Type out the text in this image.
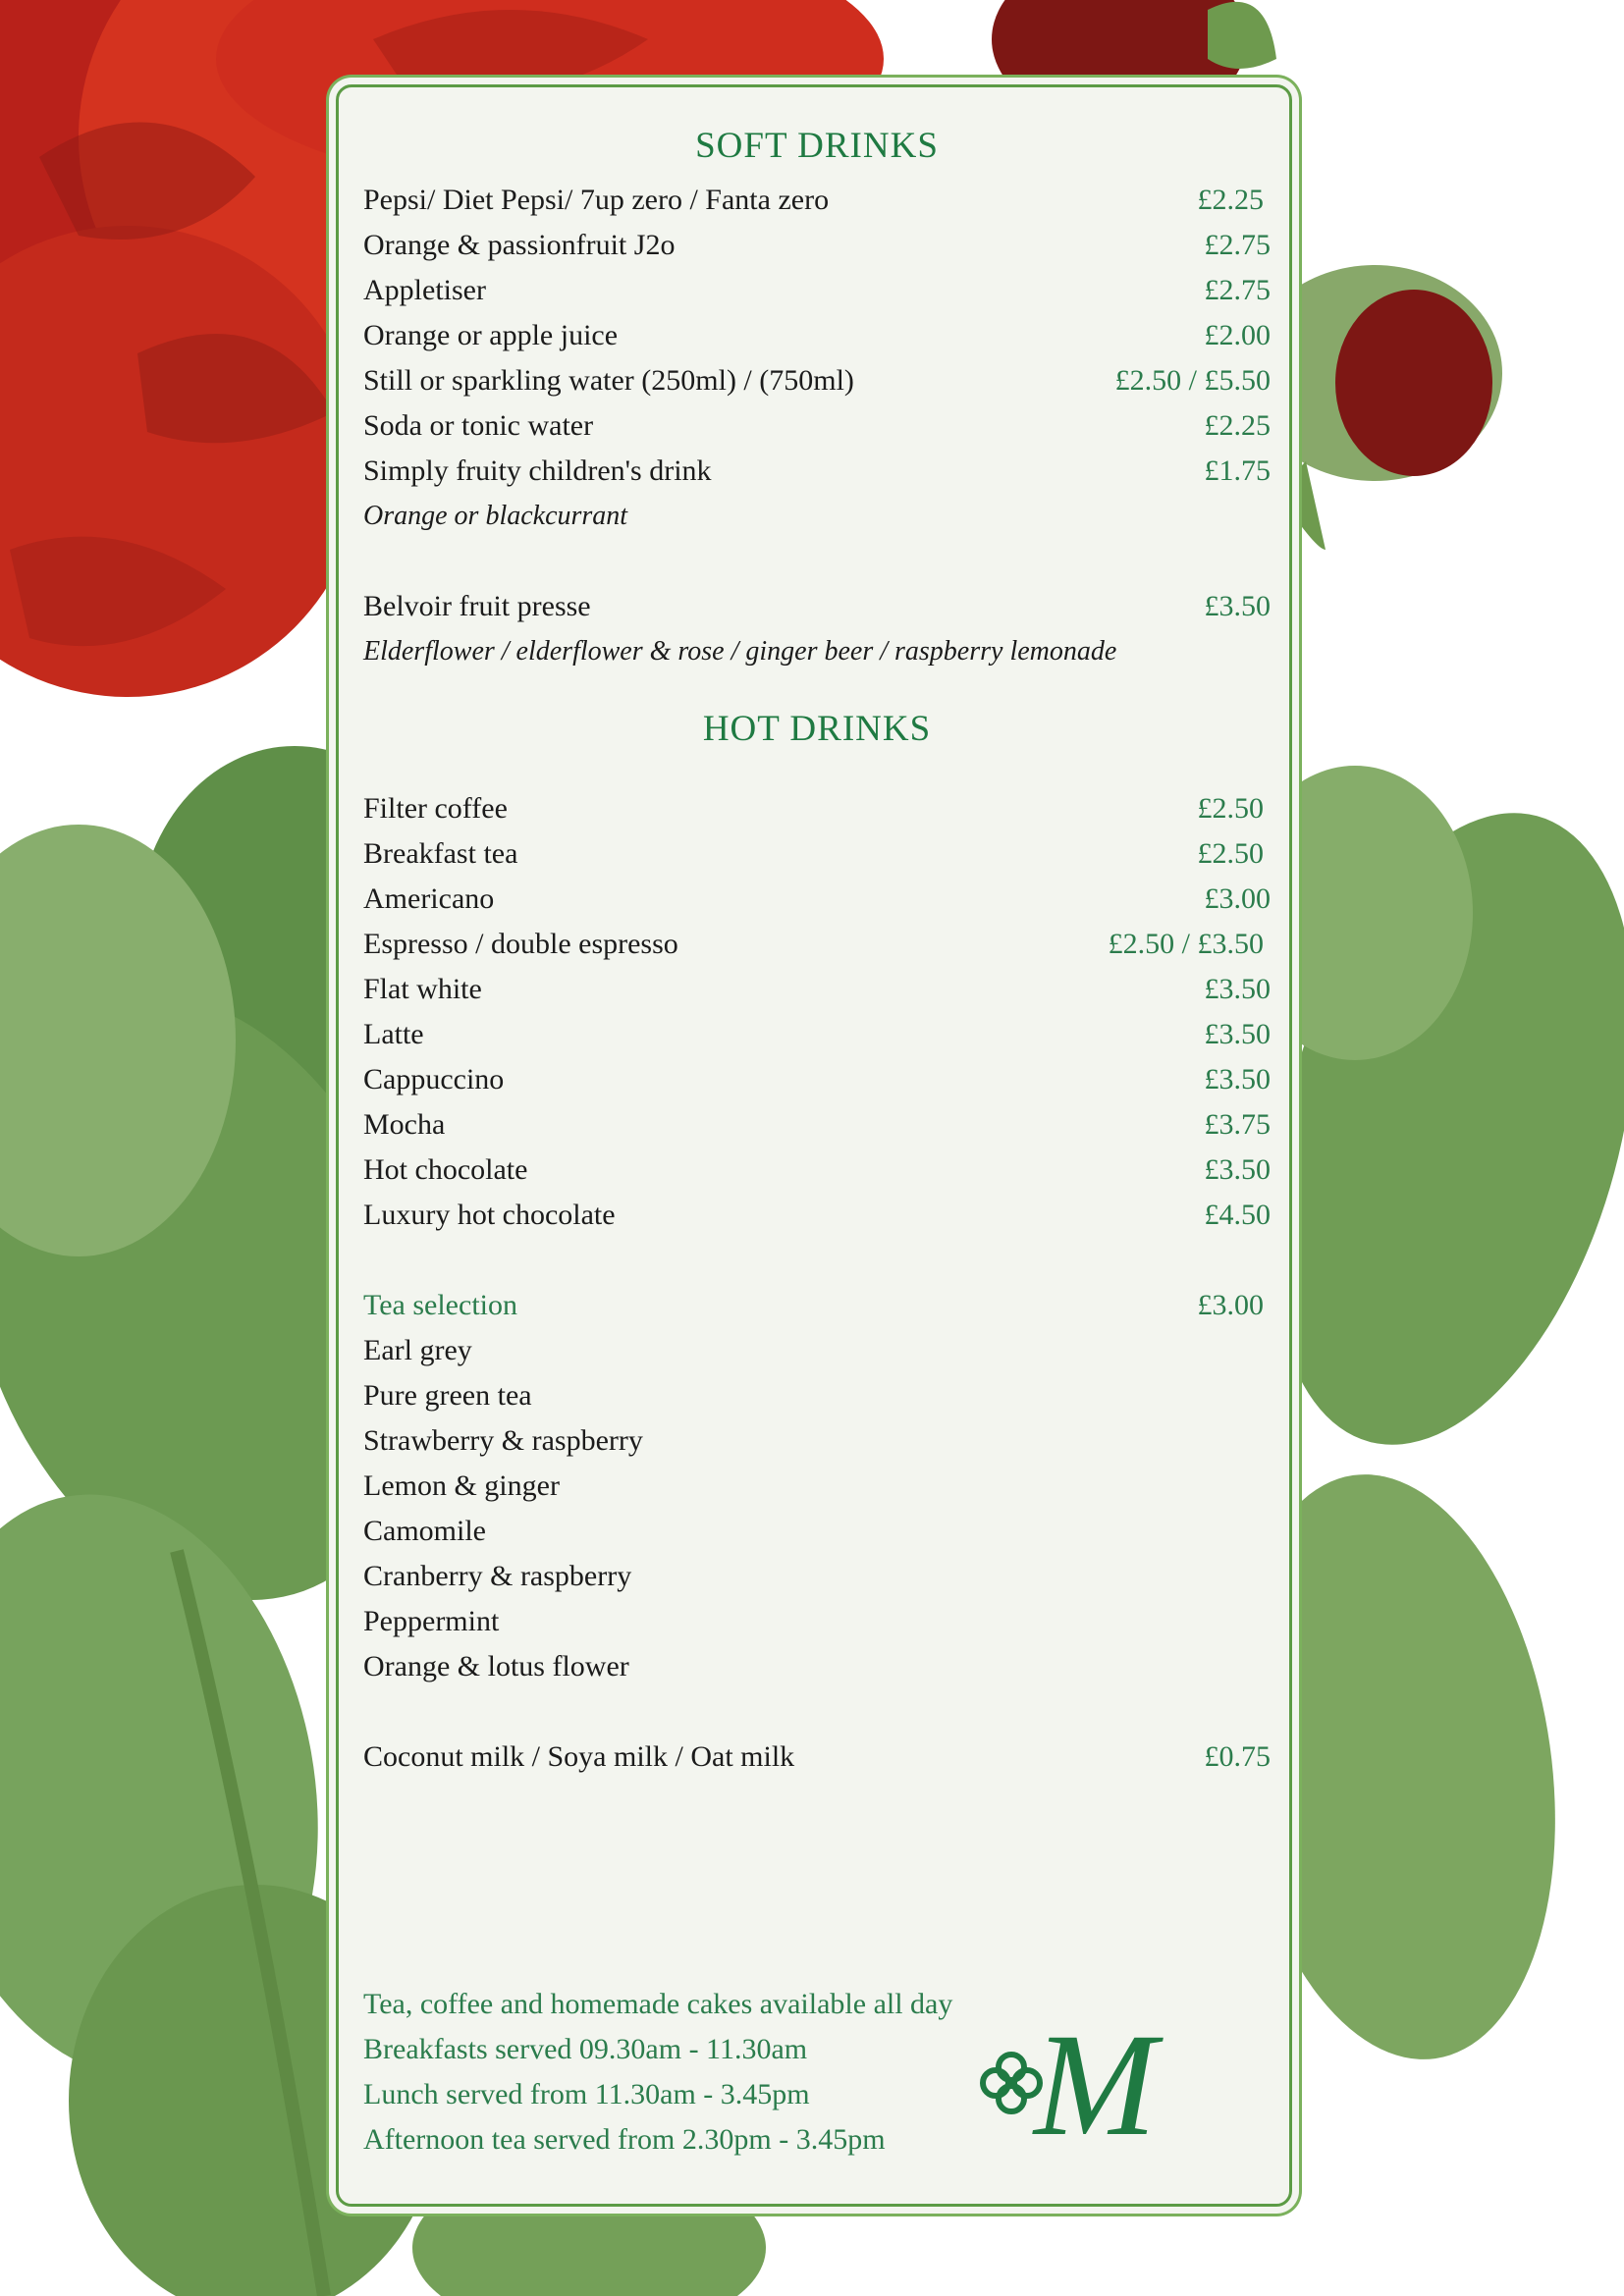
SOFT DRINKS
Pepsi/ Diet Pepsi/ 7up zero / Fanta zero	£2.25
Orange & passionfruit J2o	£2.75
Appletiser	£2.75
Orange or apple juice	£2.00
Still or sparkling water (250ml) / (750ml)	£2.50 / £5.50
Soda or tonic water	£2.25
Simply fruity children's drink	£1.75
Orange or blackcurrant
Belvoir fruit presse	£3.50
Elderflower / elderflower & rose / ginger beer / raspberry lemonade
HOT DRINKS
Filter coffee	£2.50
Breakfast tea	£2.50
Americano	£3.00
Espresso / double espresso	£2.50 / £3.50
Flat white	£3.50
Latte	£3.50
Cappuccino	£3.50
Mocha	£3.75
Hot chocolate	£3.50
Luxury hot chocolate	£4.50
Tea selection	£3.00
Earl grey
Pure green tea
Strawberry & raspberry
Lemon & ginger
Camomile
Cranberry & raspberry
Peppermint
Orange & lotus flower
Coconut milk / Soya milk / Oat milk	£0.75
Tea, coffee and homemade cakes available all day
Breakfasts served 09.30am - 11.30am
Lunch served from 11.30am - 3.45pm
Afternoon tea served from 2.30pm - 3.45pm M
